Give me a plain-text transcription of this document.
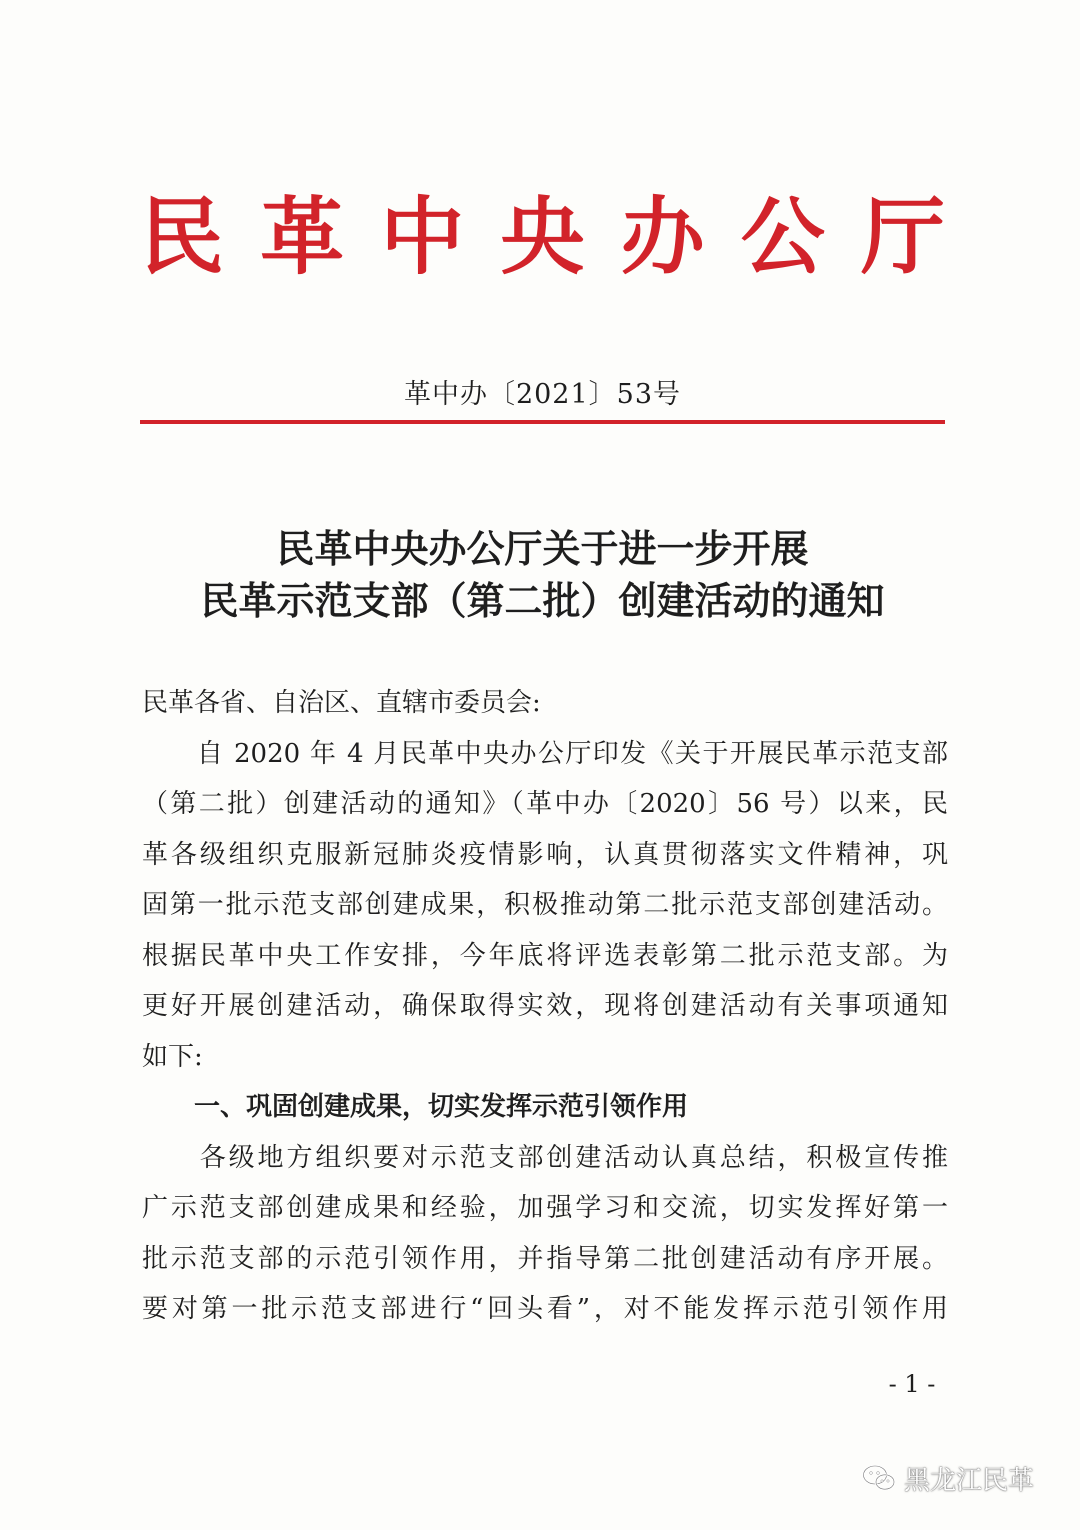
民 革 中 央 办 公 厅
革中办〔2021〕53号
民革中央办公厅关于进一步开展
民革示范支部（第二批）创建活动的通知
民革各省、自治区、直辖市委员会:
　　自 2020 年 4 月民革中央办公厅印发《关于开展民革示范支部
（第二批）创建活动的通知》（革中办〔2020〕56 号）以来，民
革各级组织克服新冠肺炎疫情影响，认真贯彻落实文件精神，巩
固第一批示范支部创建成果，积极推动第二批示范支部创建活动。
根据民革中央工作安排，今年底将评选表彰第二批示范支部。为
更好开展创建活动，确保取得实效，现将创建活动有关事项通知
如下:
一、巩固创建成果，切实发挥示范引领作用
　　各级地方组织要对示范支部创建活动认真总结，积极宣传推
广示范支部创建成果和经验，加强学习和交流，切实发挥好第一
批示范支部的示范引领作用，并指导第二批创建活动有序开展。
要对第一批示范支部进行“回头看”，对不能发挥示范引领作用
- 1 -
黑龙江民革
